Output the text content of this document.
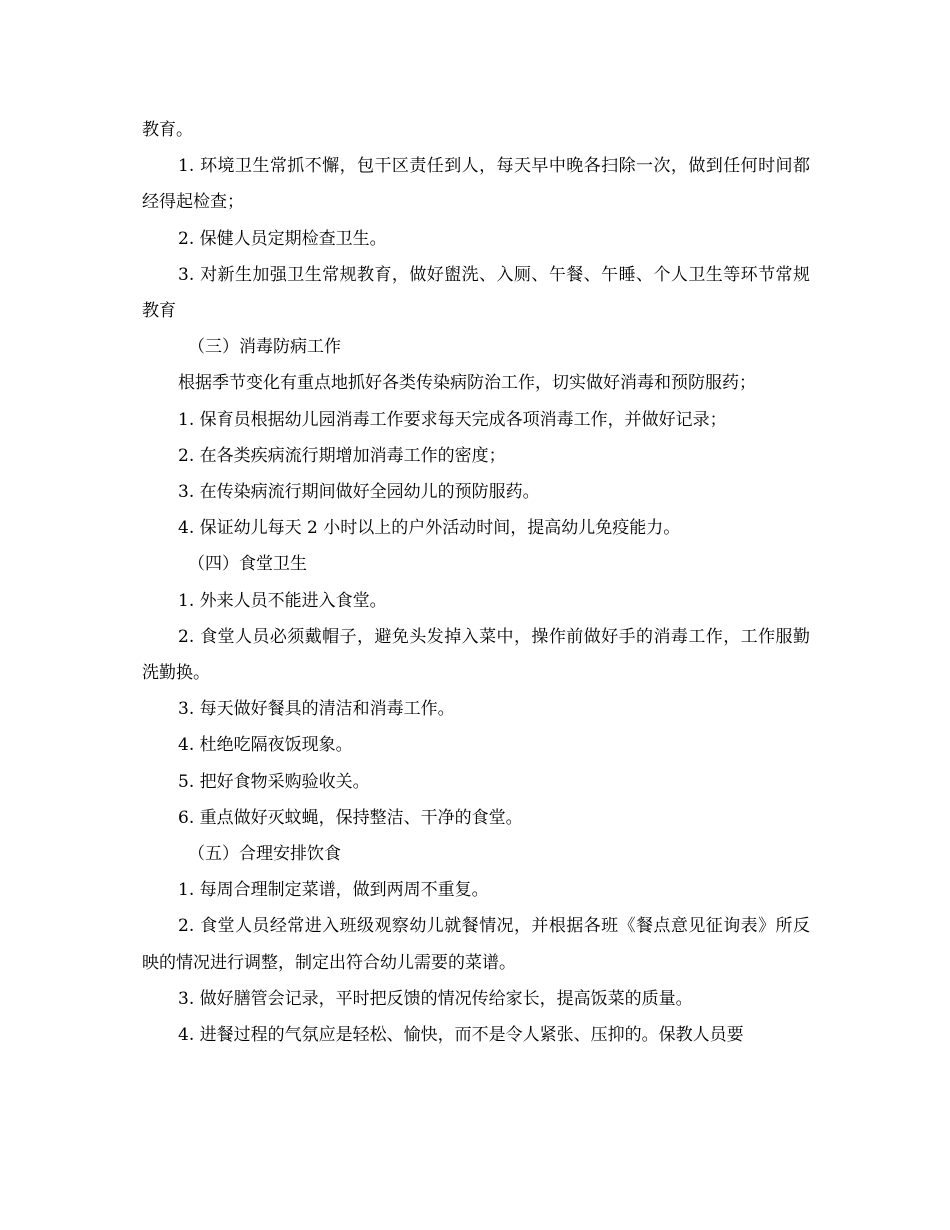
教育。

1. 环境卫生常抓不懈，包干区责任到人，每天早中晚各扫除一次，做到任何时间都经得起检查；

2. 保健人员定期检查卫生。

3. 对新生加强卫生常规教育，做好盥洗、入厕、午餐、午睡、个人卫生等环节常规教育

（三）消毒防病工作

根据季节变化有重点地抓好各类传染病防治工作，切实做好消毒和预防服药；

1. 保育员根据幼儿园消毒工作要求每天完成各项消毒工作，并做好记录；

2. 在各类疾病流行期增加消毒工作的密度；

3. 在传染病流行期间做好全园幼儿的预防服药。

4. 保证幼儿每天 2 小时以上的户外活动时间，提高幼儿免疫能力。

（四）食堂卫生

1. 外来人员不能进入食堂。

2. 食堂人员必须戴帽子，避免头发掉入菜中，操作前做好手的消毒工作，工作服勤洗勤换。

3. 每天做好餐具的清洁和消毒工作。

4. 杜绝吃隔夜饭现象。

5. 把好食物采购验收关。

6. 重点做好灭蚊蝇，保持整洁、干净的食堂。

（五）合理安排饮食

1. 每周合理制定菜谱，做到两周不重复。

2. 食堂人员经常进入班级观察幼儿就餐情况，并根据各班《餐点意见征询表》所反映的情况进行调整，制定出符合幼儿需要的菜谱。

3. 做好膳管会记录，平时把反馈的情况传给家长，提高饭菜的质量。

4. 进餐过程的气氛应是轻松、愉快，而不是令人紧张、压抑的。保教人员要
